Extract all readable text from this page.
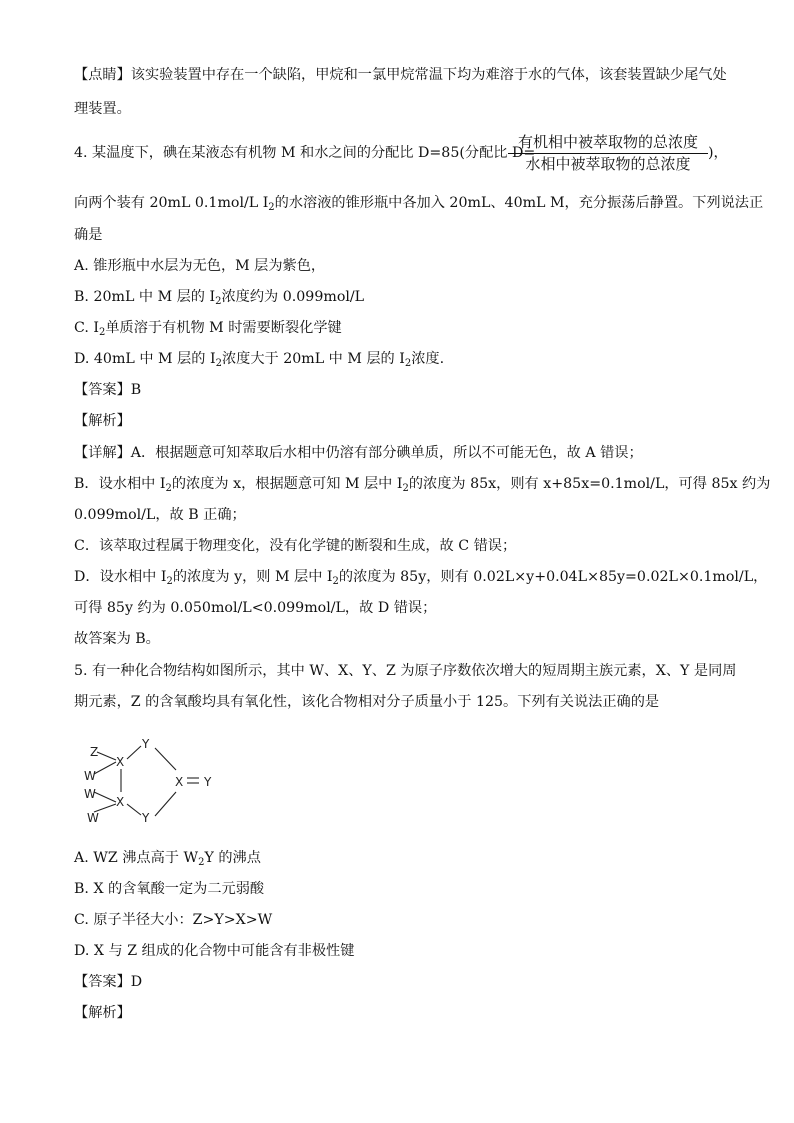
【点睛】该实验装置中存在一个缺陷，甲烷和一氯甲烷常温下均为难溶于水的气体，该套装置缺少尾气处
理装置。
4. 某温度下，碘在某液态有机物 M 和水之间的分配比 D=85(分配比 D=
有机相中被萃取物的总浓度
水相中被萃取物的总浓度
)，
向两个装有 20mL 0.1mol/L $I_2$的水溶液的锥形瓶中各加入 20mL、40mL M，充分振荡后静置。下列说法正
确是
A. 锥形瓶中水层为无色，M 层为紫色，
B. 20mL 中 M 层的 $I_2$浓度约为 0.099mol/L
C. $I_2$单质溶于有机物 M 时需要断裂化学键
D. 40mL 中 M 层的 $I_2$浓度大于 20mL 中 M 层的 $I_2$浓度.
【答案】B
【解析】
【详解】A．根据题意可知萃取后水相中仍溶有部分碘单质，所以不可能无色，故 A 错误；
B．设水相中 $I_2$的浓度为 x，根据题意可知 M 层中 $I_2$的浓度为 85x，则有 x+85x=0.1mol/L，可得 85x 约为
0.099mol/L，故 B 正确；
C．该萃取过程属于物理变化，没有化学键的断裂和生成，故 C 错误；
D．设水相中 $I_2$的浓度为 y，则 M 层中 $I_2$的浓度为 85y，则有 0.02L×y+0.04L×85y=0.02L×0.1mol/L，
可得 85y 约为 0.050mol/L<0.099mol/L，故 D 错误；
故答案为 B。
5. 有一种化合物结构如图所示，其中 W、X、Y、Z 为原子序数依次增大的短周期主族元素，X、Y 是同周
期元素，Z 的含氧酸均具有氧化性，该化合物相对分子质量小于 125。下列有关说法正确的是
Z
W
X
Y
X Y
W
X
Y
W
A. WZ 沸点高于 $W_2Y$ 的沸点
B. X 的含氧酸一定为二元弱酸
C. 原子半径大小：Z>Y>X>W
D. X 与 Z 组成的化合物中可能含有非极性键
【答案】D
【解析】
